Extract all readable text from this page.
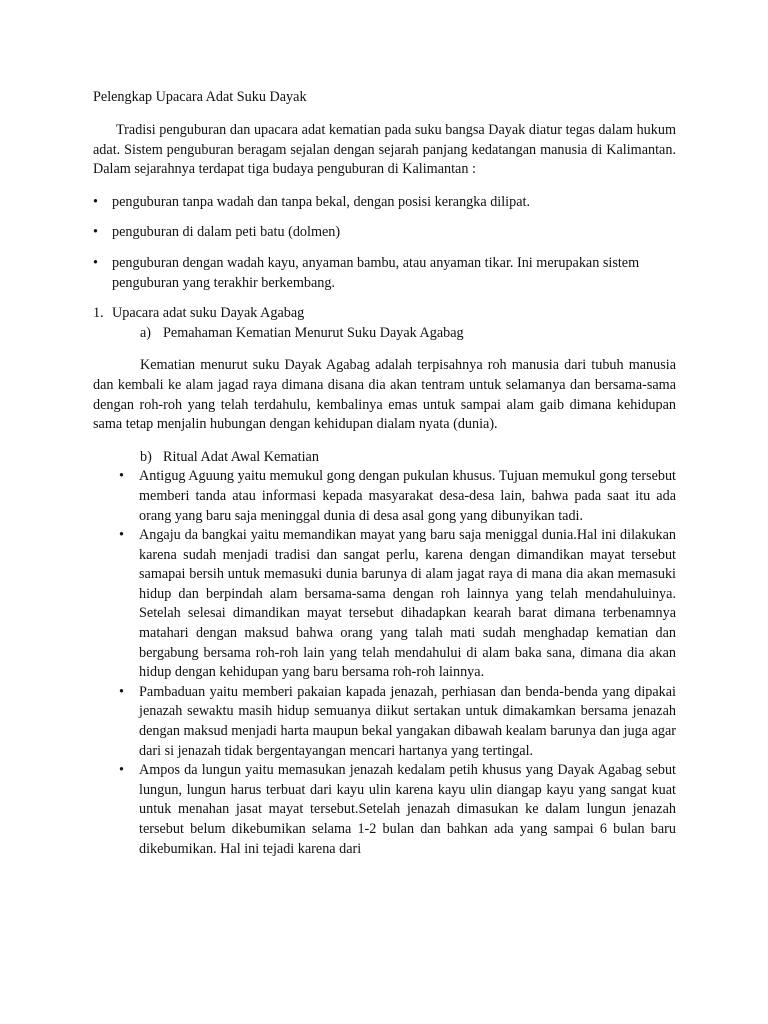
Pelengkap Upacara Adat Suku Dayak

Tradisi penguburan dan upacara adat kematian pada suku bangsa Dayak diatur tegas dalam hukum adat. Sistem penguburan beragam sejalan dengan sejarah panjang kedatangan manusia di Kalimantan. Dalam sejarahnya terdapat tiga budaya penguburan di Kalimantan :

• penguburan tanpa wadah dan tanpa bekal, dengan posisi kerangka dilipat.
• penguburan di dalam peti batu (dolmen)
• penguburan dengan wadah kayu, anyaman bambu, atau anyaman tikar. Ini merupakan sistem penguburan yang terakhir berkembang.
1. Upacara adat suku Dayak Agabag
a) Pemahaman Kematian Menurut Suku Dayak Agabag

Kematian menurut suku Dayak Agabag adalah terpisahnya roh manusia dari tubuh manusia dan kembali ke alam jagad raya dimana disana dia akan tentram untuk selamanya dan bersama-sama dengan roh-roh yang telah terdahulu, kembalinya emas untuk sampai alam gaib dimana kehidupan sama tetap menjalin hubungan dengan kehidupan dialam nyata (dunia).

b) Ritual Adat Awal Kematian
• Antigug Aguung yaitu memukul gong dengan pukulan khusus. Tujuan memukul gong tersebut memberi tanda atau informasi kepada masyarakat desa-desa lain, bahwa pada saat itu ada orang yang baru saja meninggal dunia di desa asal gong yang dibunyikan tadi.
• Angaju da bangkai yaitu memandikan mayat yang baru saja meniggal dunia.Hal ini dilakukan karena sudah menjadi tradisi dan sangat perlu, karena dengan dimandikan mayat tersebut samapai bersih untuk memasuki dunia barunya di alam jagat raya di mana dia akan memasuki hidup dan berpindah alam bersama-sama dengan roh lainnya yang telah mendahuluinya. Setelah selesai dimandikan mayat tersebut dihadapkan kearah barat dimana terbenamnya matahari dengan maksud bahwa orang yang talah mati sudah menghadap kematian dan bergabung bersama roh-roh lain yang telah mendahului di alam baka sana, dimana dia akan hidup dengan kehidupan yang baru bersama roh-roh lainnya.
• Pambaduan yaitu memberi pakaian kapada jenazah, perhiasan dan benda-benda yang dipakai jenazah sewaktu masih hidup semuanya diikut sertakan untuk dimakamkan bersama jenazah dengan maksud menjadi harta maupun bekal yangakan dibawah kealam barunya dan juga agar dari si jenazah tidak bergentayangan mencari hartanya yang tertingal.
• Ampos da lungun yaitu memasukan jenazah kedalam petih khusus yang Dayak Agabag sebut lungun, lungun harus terbuat dari kayu ulin karena kayu ulin diangap kayu yang sangat kuat untuk menahan jasat mayat tersebut.Setelah jenazah dimasukan ke dalam lungun jenazah tersebut belum dikebumikan selama 1-2 bulan dan bahkan ada yang sampai 6 bulan baru dikebumikan. Hal ini tejadi karena dari
